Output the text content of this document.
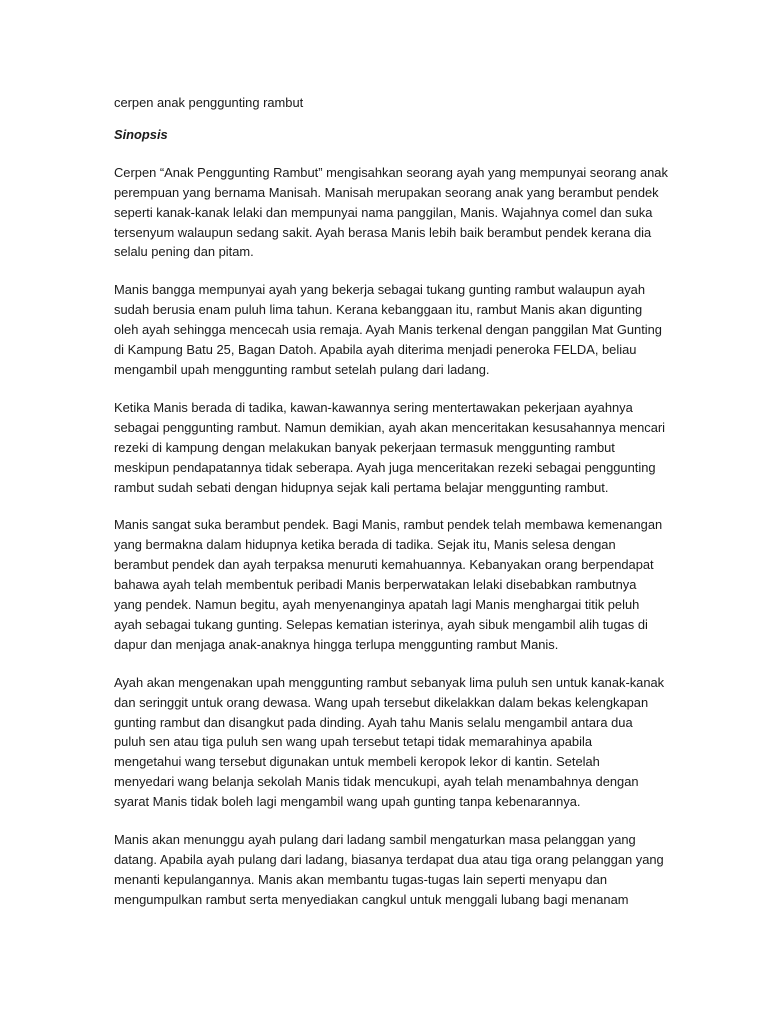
cerpen anak penggunting rambut
Sinopsis
Cerpen “Anak Penggunting Rambut” mengisahkan seorang ayah yang mempunyai seorang anak
perempuan yang bernama Manisah. Manisah merupakan seorang anak yang berambut pendek
seperti kanak-kanak lelaki dan mempunyai nama panggilan, Manis. Wajahnya comel dan suka
tersenyum walaupun sedang sakit. Ayah berasa Manis lebih baik berambut pendek kerana dia
selalu pening dan pitam.
Manis bangga mempunyai ayah yang bekerja sebagai tukang gunting rambut walaupun ayah
sudah berusia enam puluh lima tahun. Kerana kebanggaan itu, rambut Manis akan digunting
oleh ayah sehingga mencecah usia remaja. Ayah Manis terkenal dengan panggilan Mat Gunting
di Kampung Batu 25, Bagan Datoh. Apabila ayah diterima menjadi peneroka FELDA, beliau
mengambil upah menggunting rambut setelah pulang dari ladang.
Ketika Manis berada di tadika, kawan-kawannya sering mentertawakan pekerjaan ayahnya
sebagai penggunting rambut. Namun demikian, ayah akan menceritakan kesusahannya mencari
rezeki di kampung dengan melakukan banyak pekerjaan termasuk menggunting rambut
meskipun pendapatannya tidak seberapa. Ayah juga menceritakan rezeki sebagai penggunting
rambut sudah sebati dengan hidupnya sejak kali pertama belajar menggunting rambut.
Manis sangat suka berambut pendek. Bagi Manis, rambut pendek telah membawa kemenangan
yang bermakna dalam hidupnya ketika berada di tadika. Sejak itu, Manis selesa dengan
berambut pendek dan ayah terpaksa menuruti kemahuannya. Kebanyakan orang berpendapat
bahawa ayah telah membentuk peribadi Manis berperwatakan lelaki disebabkan rambutnya
yang pendek. Namun begitu, ayah menyenanginya apatah lagi Manis menghargai titik peluh
ayah sebagai tukang gunting. Selepas kematian isterinya, ayah sibuk mengambil alih tugas di
dapur dan menjaga anak-anaknya hingga terlupa menggunting rambut Manis.
Ayah akan mengenakan upah menggunting rambut sebanyak lima puluh sen untuk kanak-kanak
dan seringgit untuk orang dewasa. Wang upah tersebut dikelakkan dalam bekas kelengkapan
gunting rambut dan disangkut pada dinding. Ayah tahu Manis selalu mengambil antara dua
puluh sen atau tiga puluh sen wang upah tersebut tetapi tidak memarahinya apabila
mengetahui wang tersebut digunakan untuk membeli keropok lekor di kantin. Setelah
menyedari wang belanja sekolah Manis tidak mencukupi, ayah telah menambahnya dengan
syarat Manis tidak boleh lagi mengambil wang upah gunting tanpa kebenarannya.
Manis akan menunggu ayah pulang dari ladang sambil mengaturkan masa pelanggan yang
datang. Apabila ayah pulang dari ladang, biasanya terdapat dua atau tiga orang pelanggan yang
menanti kepulangannya. Manis akan membantu tugas-tugas lain seperti menyapu dan
mengumpulkan rambut serta menyediakan cangkul untuk menggali lubang bagi menanam
